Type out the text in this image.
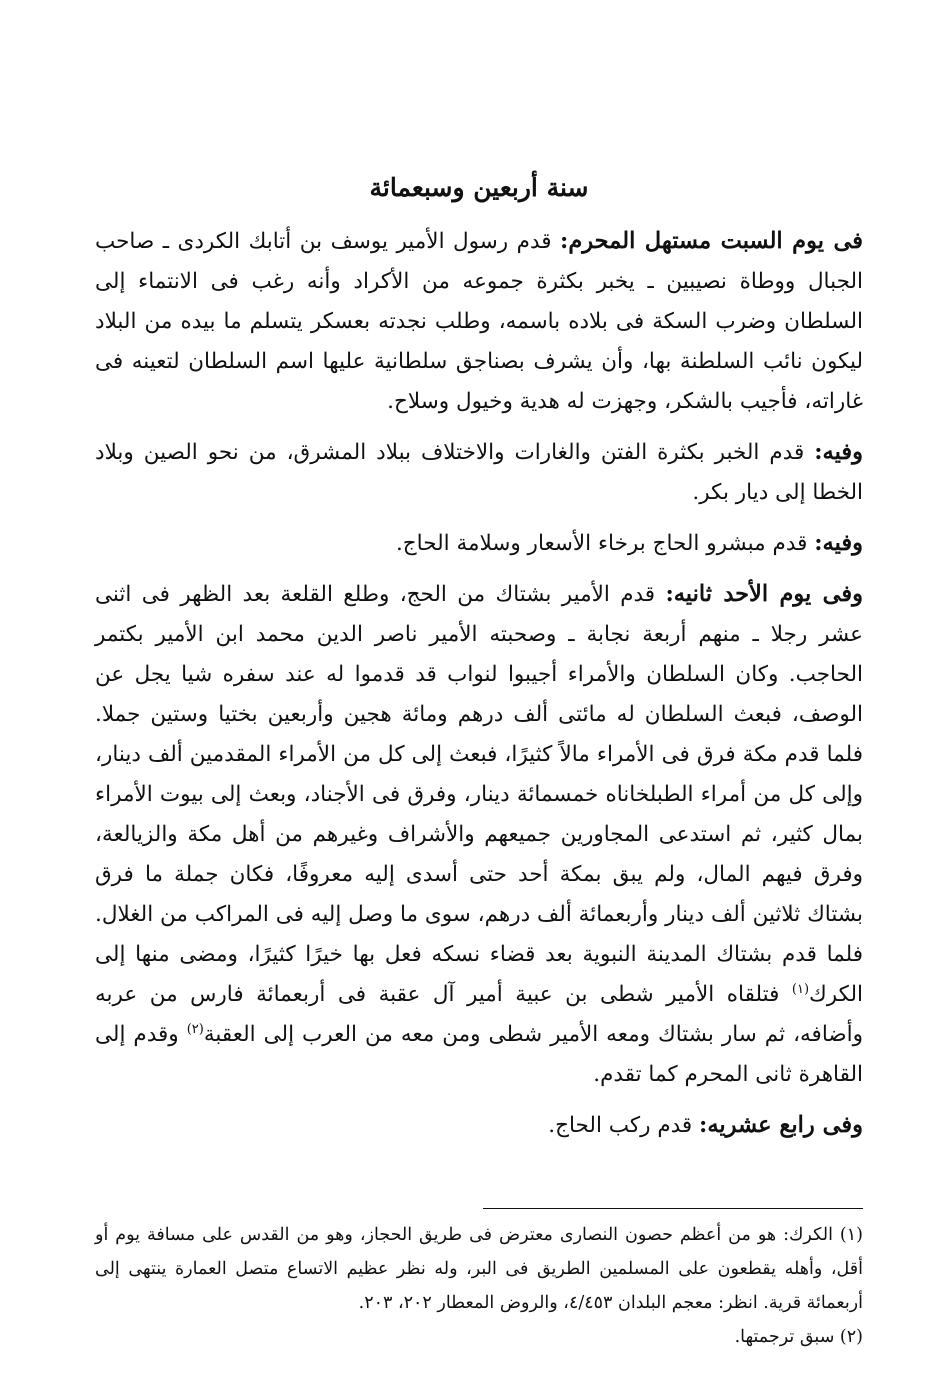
سنة أربعين وسبعمائة

فى يوم السبت مستهل المحرم: قدم رسول الأمير يوسف بن أتابك الكردى ـ صاحب الجبال ووطاة نصيبين ـ يخبر بكثرة جموعه من الأكراد وأنه رغب فى الانتماء إلى السلطان وضرب السكة فى بلاده باسمه، وطلب نجدته بعسكر يتسلم ما بيده من البلاد ليكون نائب السلطنة بها، وأن يشرف بصناجق سلطانية عليها اسم السلطان لتعينه فى غاراته، فأجيب بالشكر، وجهزت له هدية وخيول وسلاح.

وفيه: قدم الخبر بكثرة الفتن والغارات والاختلاف ببلاد المشرق، من نحو الصين وبلاد الخطا إلى ديار بكر.

وفيه: قدم مبشرو الحاج برخاء الأسعار وسلامة الحاج.

وفى يوم الأحد ثانيه: قدم الأمير بشتاك من الحج، وطلع القلعة بعد الظهر فى اثنى عشر رجلا ـ منهم أربعة نجابة ـ وصحبته الأمير ناصر الدين محمد ابن الأمير بكتمر الحاجب. وكان السلطان والأمراء أجيبوا لنواب قد قدموا له عند سفره شيا يجل عن الوصف، فبعث السلطان له مائتى ألف درهم ومائة هجين وأربعين بختيا وستين جملا. فلما قدم مكة فرق فى الأمراء مالاً كثيرًا، فبعث إلى كل من الأمراء المقدمين ألف دينار، وإلى كل من أمراء الطبلخاناه خمسمائة دينار، وفرق فى الأجناد، وبعث إلى بيوت الأمراء بمال كثير، ثم استدعى المجاورين جميعهم والأشراف وغيرهم من أهل مكة والزيالعة، وفرق فيهم المال، ولم يبق بمكة أحد حتى أسدى إليه معروفًا، فكان جملة ما فرق بشتاك ثلاثين ألف دينار وأربعمائة ألف درهم، سوى ما وصل إليه فى المراكب من الغلال. فلما قدم بشتاك المدينة النبوية بعد قضاء نسكه فعل بها خيرًا كثيرًا، ومضى منها إلى الكرك$^{(١)}$ فتلقاه الأمير شطى بن عبية أمير آل عقبة فى أربعمائة فارس من عربه وأضافه، ثم سار بشتاك ومعه الأمير شطى ومن معه من العرب إلى العقبة$^{(٢)}$ وقدم إلى القاهرة ثانى المحرم كما تقدم.

وفى رابع عشريه: قدم ركب الحاج.

(١) الكرك: هو من أعظم حصون النصارى معترض فى طريق الحجاز، وهو من القدس على مسافة يوم أو أقل، وأهله يقطعون على المسلمين الطريق فى البر، وله نظر عظيم الاتساع متصل العمارة ينتهى إلى أربعمائة قرية. انظر: معجم البلدان ٤/٤٥٣، والروض المعطار ٢٠٢، ٢٠٣.

(٢) سبق ترجمتها.
